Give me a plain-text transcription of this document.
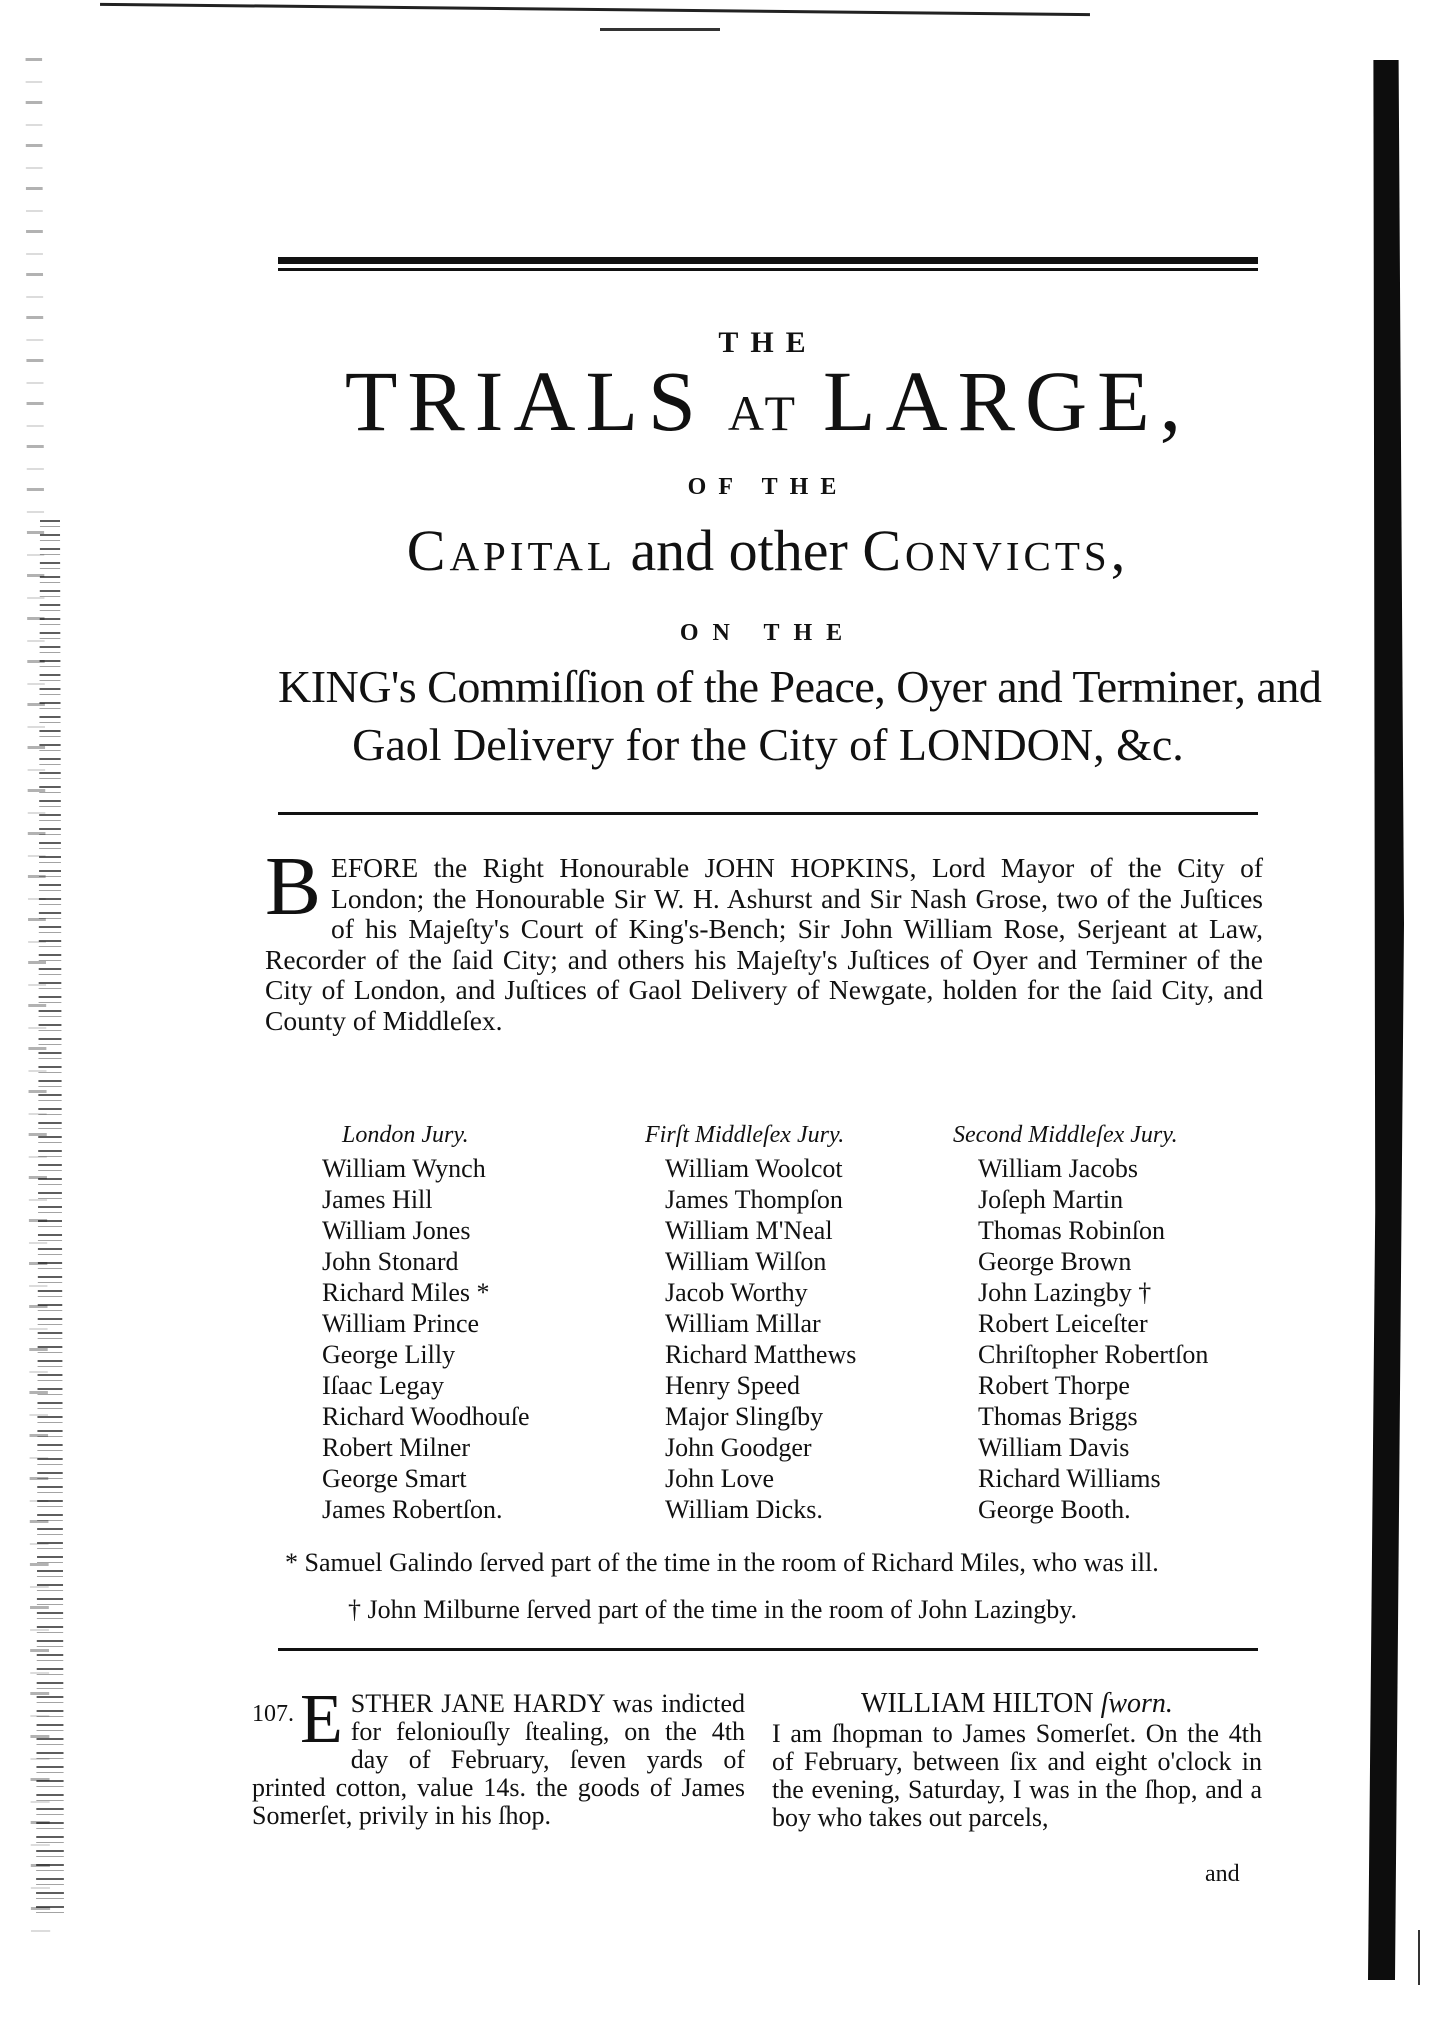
THE
TRIALS AT LARGE,
OF THE
Capital and other Convicts,
ON THE
KING's Commiſſion of the Peace, Oyer and Terminer, and
Gaol Delivery for the City of LONDON, &c.
BEFORE the Right Honourable JOHN HOPKINS, Lord Mayor of the City of London; the Honourable Sir W. H. Ashurst and Sir Nash Grose, two of the Juſtices of his Majeſty's Court of King's-Bench; Sir John William Rose, Serjeant at Law, Recorder of the ſaid City; and others his Majeſty's Juſtices of Oyer and Terminer of the City of London, and Juſtices of Gaol Delivery of Newgate, holden for the ſaid City, and County of Middleſex.
London Jury.
William Wynch
James Hill
William Jones
John Stonard
Richard Miles *
William Prince
George Lilly
Iſaac Legay
Richard Woodhouſe
Robert Milner
George Smart
James Robertſon.
Firſt Middleſex Jury.
William Woolcot
James Thompſon
William M'Neal
William Wilſon
Jacob Worthy
William Millar
Richard Matthews
Henry Speed
Major Slingſby
John Goodger
John Love
William Dicks.
Second Middleſex Jury.
William Jacobs
Joſeph Martin
Thomas Robinſon
George Brown
John Lazingby †
Robert Leiceſter
Chriſtopher Robertſon
Robert Thorpe
Thomas Briggs
William Davis
Richard Williams
George Booth.
* Samuel Galindo ſerved part of the time in the room of Richard Miles, who was ill.
† John Milburne ſerved part of the time in the room of John Lazingby.
107. E STHER JANE HARDY was indicted for feloniouſly ſtealing, on the 4th day of February, ſeven yards of printed cotton, value 14s. the goods of James Somerſet, privily in his ſhop.
WILLIAM HILTON ſworn.
I am ſhopman to James Somerſet. On the 4th of February, between ſix and eight o'clock in the evening, Saturday, I was in the ſhop, and a boy who takes out parcels,
and
